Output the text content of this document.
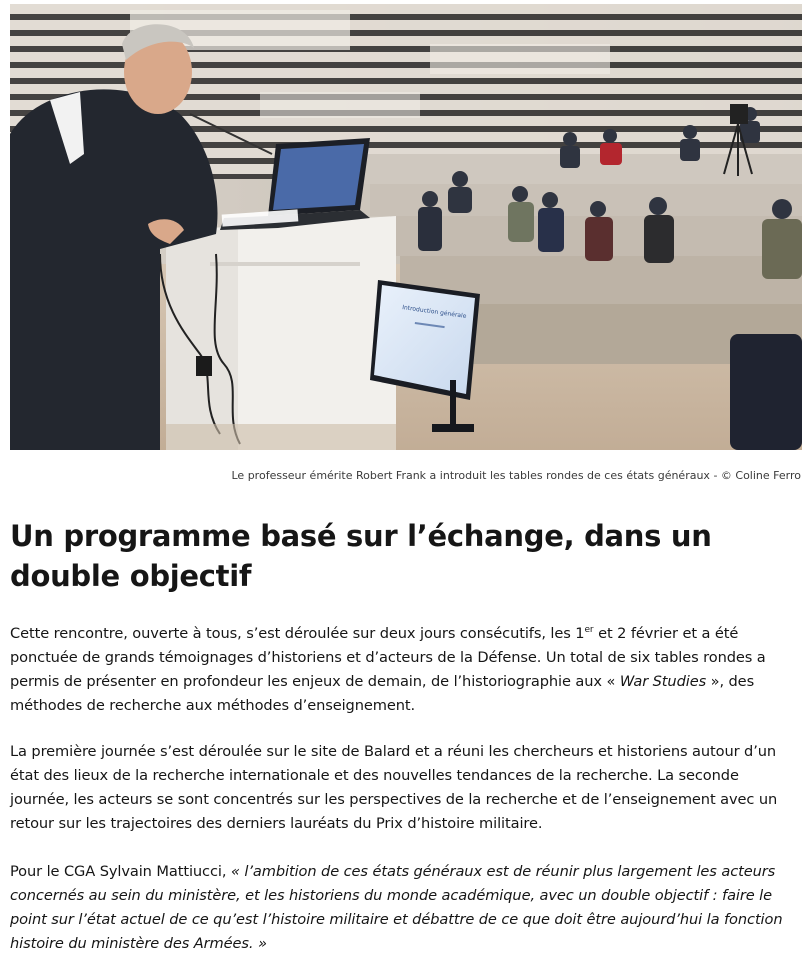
Introduction générale
Le professeur émérite Robert Frank a introduit les tables rondes de ces états généraux - © Coline Ferro
Un programme basé sur l’échange, dans un double objectif

Cette rencontre, ouverte à tous, s’est déroulée sur deux jours consécutifs, les 1er et 2 février et a été ponctuée de grands témoignages d’historiens et d’acteurs de la Défense. Un total de six tables rondes a permis de présenter en profondeur les enjeux de demain, de l’historiographie aux « War Studies », des méthodes de recherche aux méthodes d’enseignement.

La première journée s’est déroulée sur le site de Balard et a réuni les chercheurs et historiens autour d’un état des lieux de la recherche internationale et des nouvelles tendances de la recherche. La seconde journée, les acteurs se sont concentrés sur les perspectives de la recherche et de l’enseignement avec un retour sur les trajectoires des derniers lauréats du Prix d’histoire militaire.

Pour le CGA Sylvain Mattiucci, « l’ambition de ces états généraux est de réunir plus largement les acteurs concernés au sein du ministère, et les historiens du monde académique, avec un double objectif : faire le point sur l’état actuel de ce qu’est l’histoire militaire et débattre de ce que doit être aujourd’hui la fonction histoire du ministère des Armées. »
